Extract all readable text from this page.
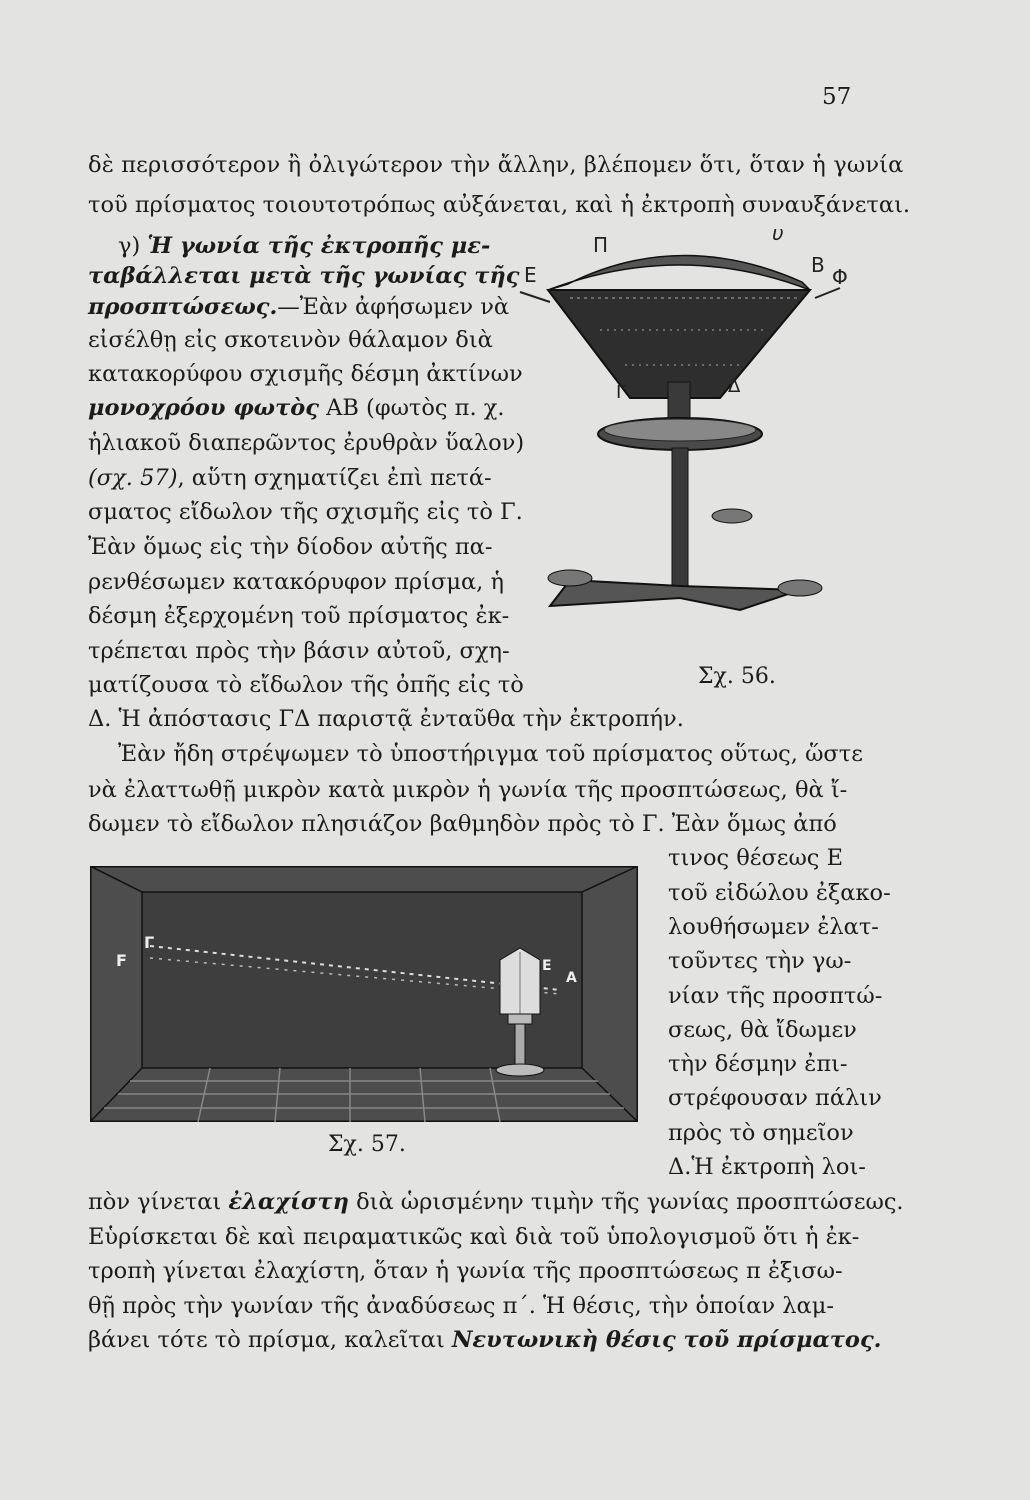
57
δὲ περισσότερον ἢ ὀλιγώτερον τὴν ἄλλην, βλέπομεν ὅτι, ὅταν ἡ γωνία
τοῦ πρίσματος τοιουτοτρόπως αὐξάνεται, καὶ ἡ ἐκτροπὴ συναυξάνεται.
γ) Ἡ γωνία τῆς ἐκτροπῆς με-
ταβάλλεται μετὰ τῆς γωνίας τῆς
προσπτώσεως.—Ἐὰν ἀφήσωμεν νὰ
εἰσέλθῃ εἰς σκοτεινὸν θάλαμον διὰ
κατακορύφου σχισμῆς δέσμη ἀκτίνων
μονοχρόου φωτὸς ΑΒ (φωτὸς π. χ.
ἡλιακοῦ διαπερῶντος ἐρυθρὰν ὕαλον)
(σχ. 57), αὕτη σχηματίζει ἐπὶ πετά-
σματος εἴδωλον τῆς σχισμῆς εἰς τὸ Γ.
Ἐὰν ὅμως εἰς τὴν δίοδον αὐτῆς πα-
ρενθέσωμεν κατακόρυφον πρίσμα, ἡ
δέσμη ἐξερχομένη τοῦ πρίσματος ἐκ-
τρέπεται πρὸς τὴν βάσιν αὐτοῦ, σχη-
ματίζουσα τὸ εἴδωλον τῆς ὀπῆς εἰς τὸ
Δ. Ἡ ἀπόστασις ΓΔ παριστᾷ ἐνταῦθα τὴν ἐκτροπήν.
Π	υ
Ε	Β Φ
Γ	Δ
Σχ. 56.
Ἐὰν ἤδη στρέψωμεν τὸ ὑποστήριγμα τοῦ πρίσματος οὕτως, ὥστε
νὰ ἐλαττωθῇ μικρὸν κατὰ μικρὸν ἡ γωνία τῆς προσπτώσεως, θὰ ἴ-
δωμεν τὸ εἴδωλον πλησιάζον βαθμηδὸν πρὸς τὸ Γ. Ἐὰν ὅμως ἀπό
τινος θέσεως Ε
τοῦ εἰδώλου ἐξακο-
λουθήσωμεν ἐλατ-
τοῦντες τὴν γω-
νίαν τῆς προσπτώ-
σεως, θὰ ἴδωμεν
τὴν δέσμην ἐπι-
στρέφουσαν πάλιν
πρὸς τὸ σημεῖον
Δ.Ἡ ἐκτροπὴ λοι-
F
Γ
E
A
Σχ. 57.
πὸν γίνεται ἐλαχίστη διὰ ὡρισμένην τιμὴν τῆς γωνίας προσπτώσεως.
Εὑρίσκεται δὲ καὶ πειραματικῶς καὶ διὰ τοῦ ὑπολογισμοῦ ὅτι ἡ ἐκ-
τροπὴ γίνεται ἐλαχίστη, ὅταν ἡ γωνία τῆς προσπτώσεως π ἐξισω-
θῇ πρὸς τὴν γωνίαν τῆς ἀναδύσεως π΄. Ἡ θέσις, τὴν ὁποίαν λαμ-
βάνει τότε τὸ πρίσμα, καλεῖται Νευτωνικὴ θέσις τοῦ πρίσματος.
